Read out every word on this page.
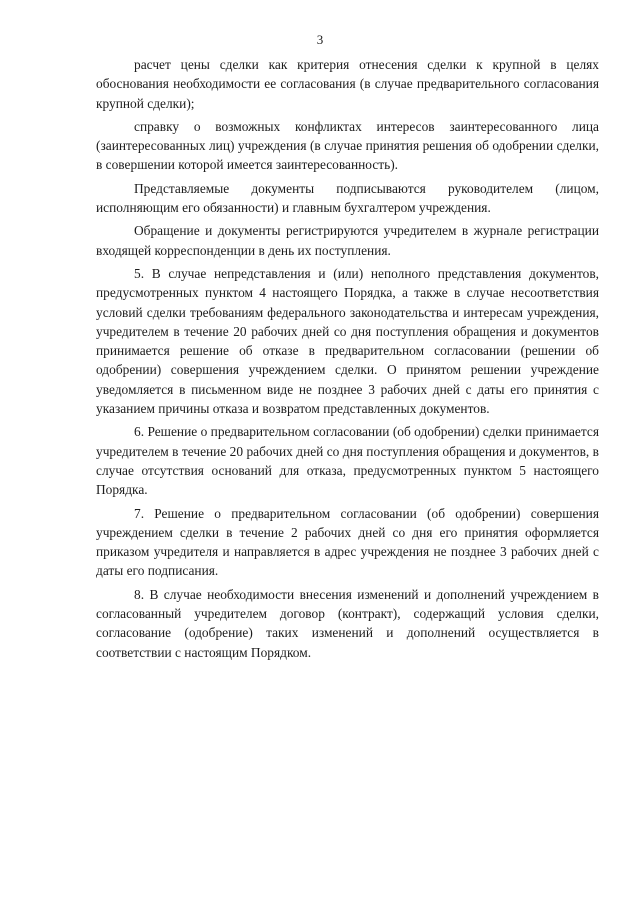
3

расчет цены сделки как критерия отнесения сделки к крупной в целях обоснования необходимости ее согласования (в случае предварительного согласования крупной сделки);

справку о возможных конфликтах интересов заинтересованного лица (заинтересованных лиц) учреждения (в случае принятия решения об одобрении сделки, в совершении которой имеется заинтересованность).

Представляемые документы подписываются руководителем (лицом, исполняющим его обязанности) и главным бухгалтером учреждения.

Обращение и документы регистрируются учредителем в журнале регистрации входящей корреспонденции в день их поступления.

5. В случае непредставления и (или) неполного представления документов, предусмотренных пунктом 4 настоящего Порядка, а также в случае несоответствия условий сделки требованиям федерального законодательства и интересам учреждения, учредителем в течение 20 рабочих дней со дня поступления обращения и документов принимается решение об отказе в предварительном согласовании (решении об одобрении) совершения учреждением сделки. О принятом решении учреждение уведомляется в письменном виде не позднее 3 рабочих дней с даты его принятия с указанием причины отказа и возвратом представленных документов.

6. Решение о предварительном согласовании (об одобрении) сделки принимается учредителем в течение 20 рабочих дней со дня поступления обращения и документов, в случае отсутствия оснований для отказа, предусмотренных пунктом 5 настоящего Порядка.

7. Решение о предварительном согласовании (об одобрении) совершения учреждением сделки в течение 2 рабочих дней со дня его принятия оформляется приказом учредителя и направляется в адрес учреждения не позднее 3 рабочих дней с даты его подписания.

8. В случае необходимости внесения изменений и дополнений учреждением в согласованный учредителем договор (контракт), содержащий условия сделки, согласование (одобрение) таких изменений и дополнений осуществляется в соответствии с настоящим Порядком.
